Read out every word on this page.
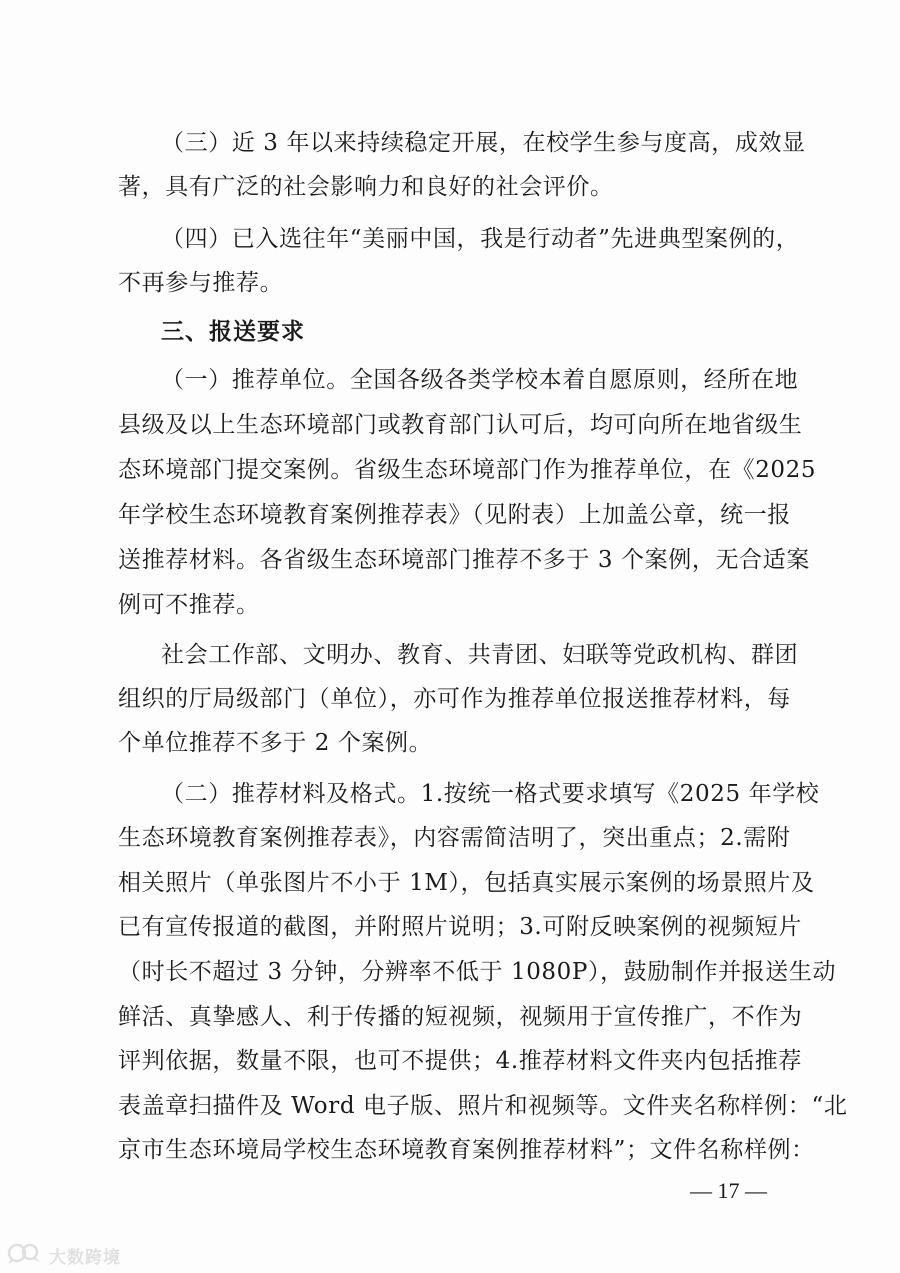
（三）近 3 年以来持续稳定开展，在校学生参与度高，成效显
著，具有广泛的社会影响力和良好的社会评价。
（四）已入选往年“美丽中国，我是行动者”先进典型案例的，
不再参与推荐。
三、报送要求
（一）推荐单位。全国各级各类学校本着自愿原则，经所在地
县级及以上生态环境部门或教育部门认可后，均可向所在地省级生
态环境部门提交案例。省级生态环境部门作为推荐单位，在《2025
年学校生态环境教育案例推荐表》（见附表）上加盖公章，统一报
送推荐材料。各省级生态环境部门推荐不多于 3 个案例，无合适案
例可不推荐。
社会工作部、文明办、教育、共青团、妇联等党政机构、群团
组织的厅局级部门（单位），亦可作为推荐单位报送推荐材料，每
个单位推荐不多于 2 个案例。
（二）推荐材料及格式。1.按统一格式要求填写《2025 年学校
生态环境教育案例推荐表》，内容需简洁明了，突出重点；2.需附
相关照片（单张图片不小于 1M），包括真实展示案例的场景照片及
已有宣传报道的截图，并附照片说明；3.可附反映案例的视频短片
（时长不超过 3 分钟，分辨率不低于 1080P），鼓励制作并报送生动
鲜活、真挚感人、利于传播的短视频，视频用于宣传推广，不作为
评判依据，数量不限，也可不提供；4.推荐材料文件夹内包括推荐
表盖章扫描件及 Word 电子版、照片和视频等。文件夹名称样例：“北
京市生态环境局学校生态环境教育案例推荐材料”；文件名称样例：
— 17 —
大数跨境
